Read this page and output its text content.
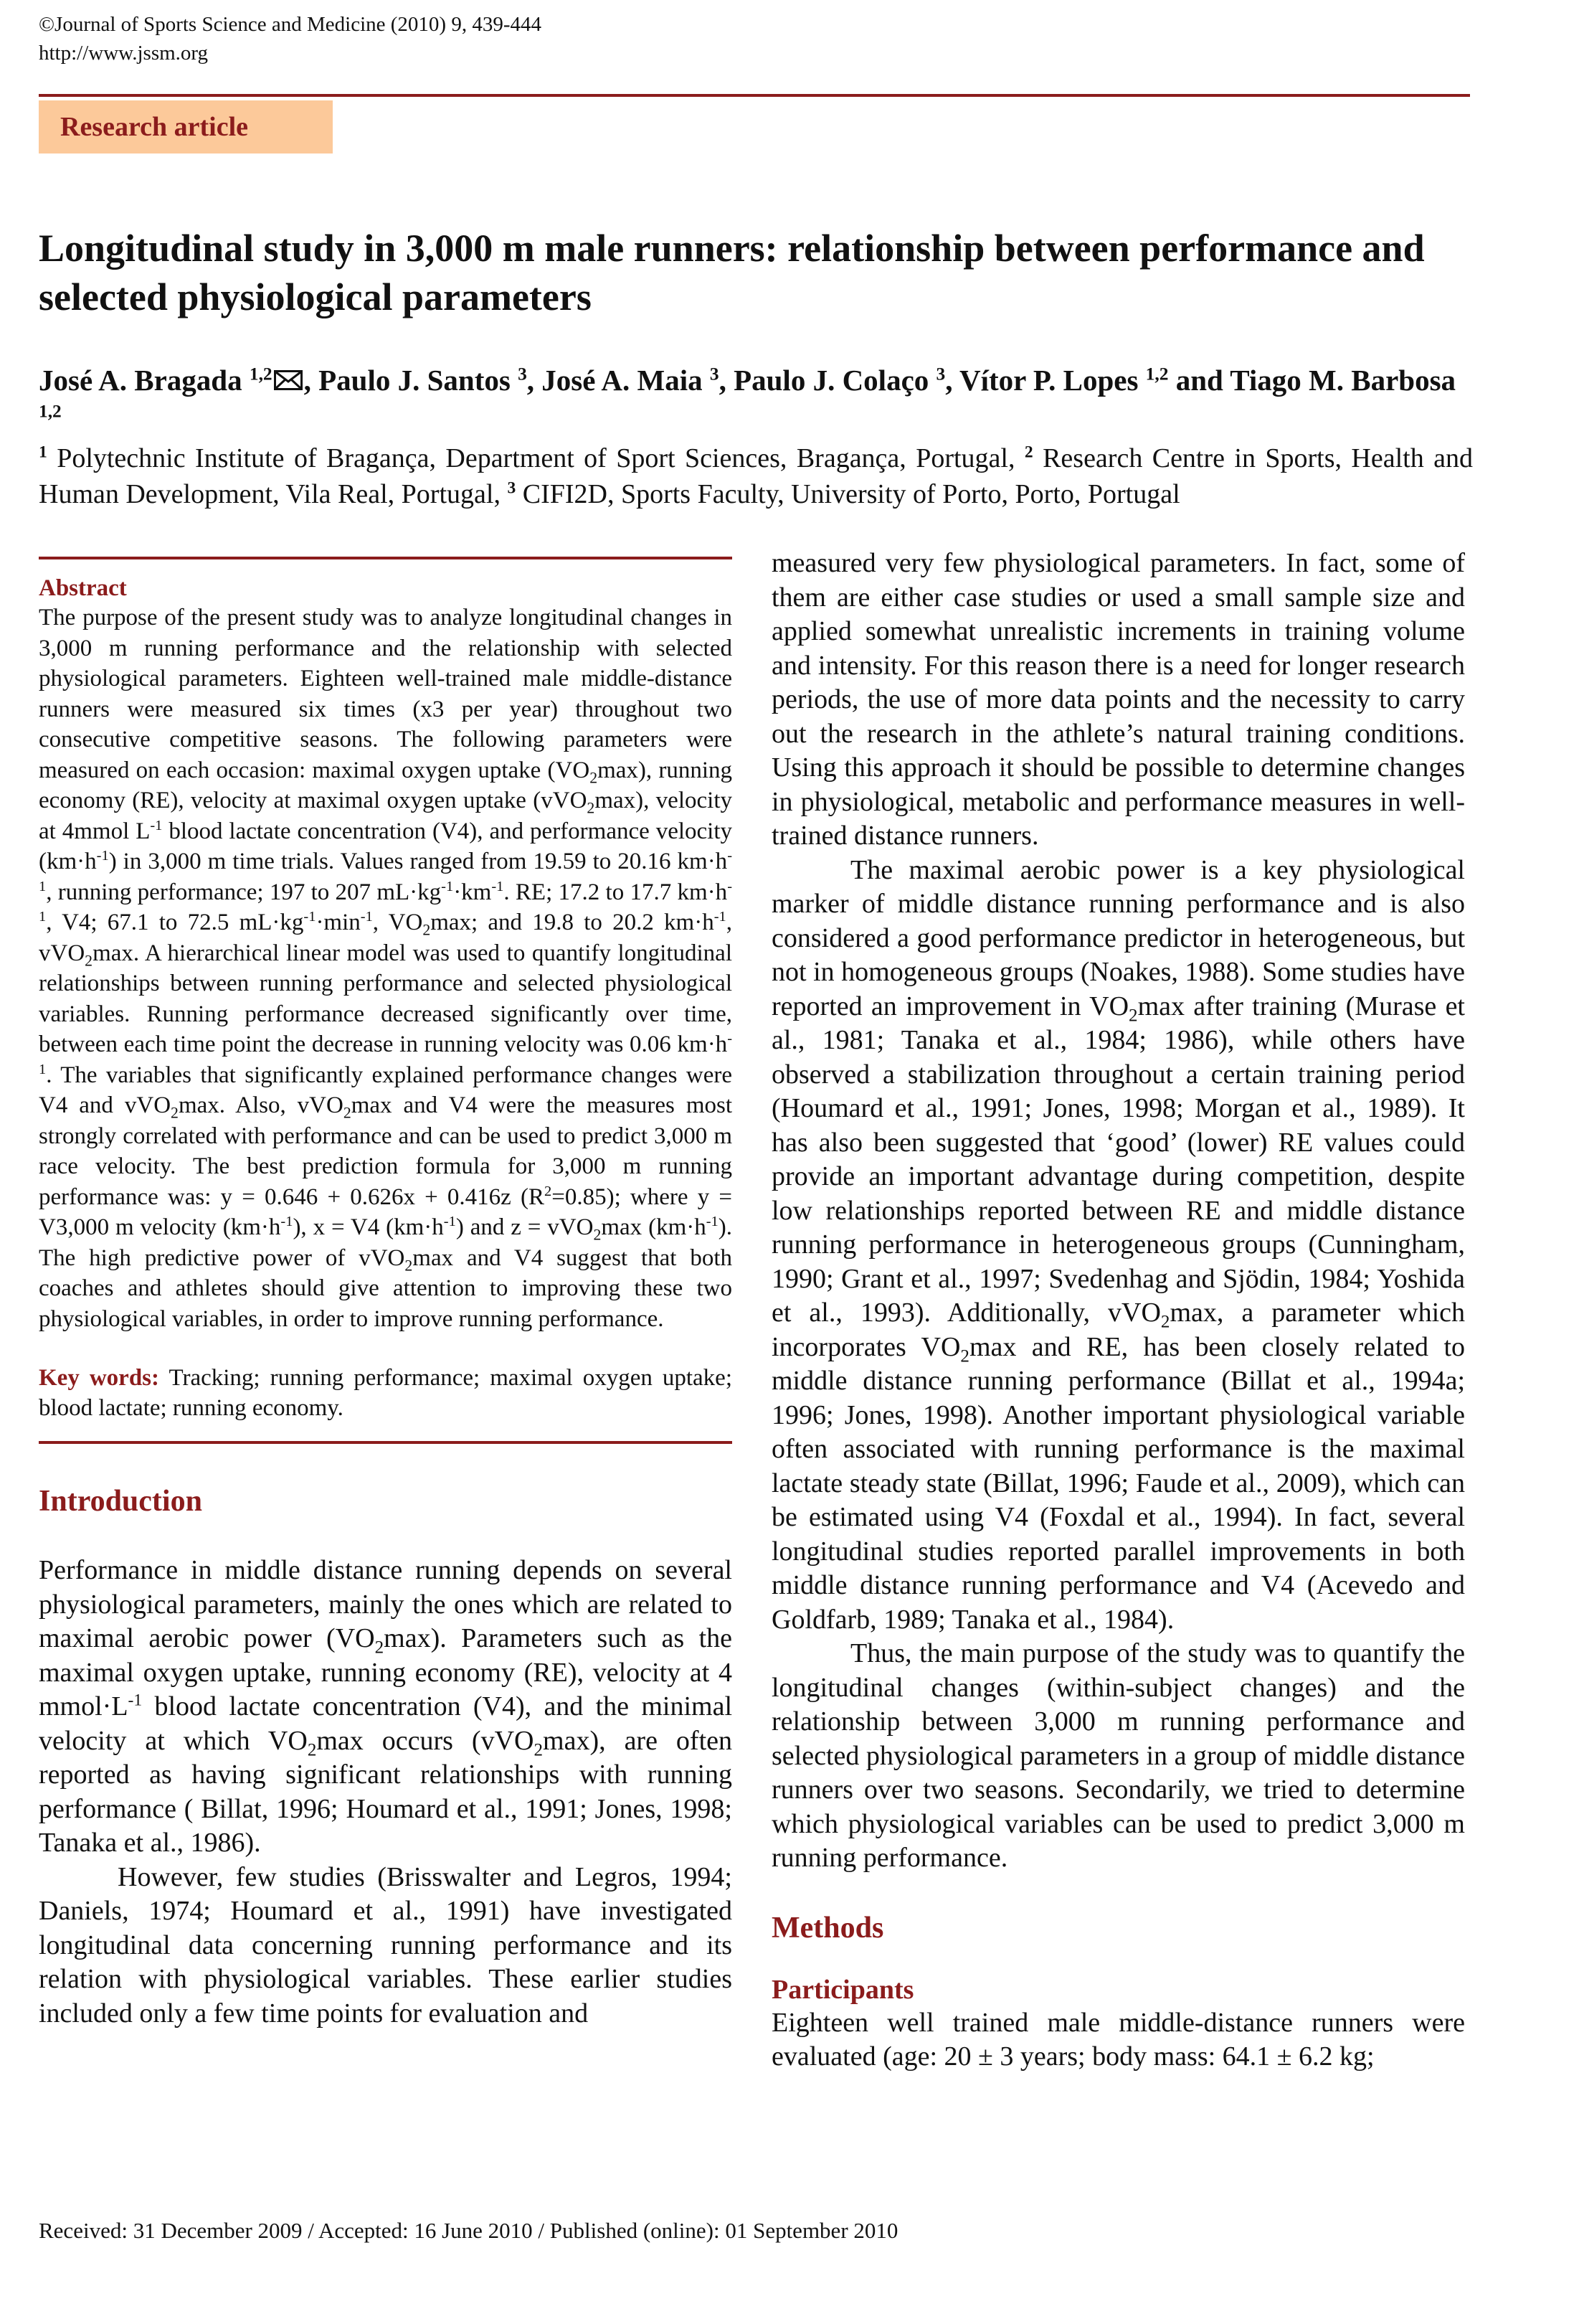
©Journal of Sports Science and Medicine (2010) 9, 439-444
http://www.jssm.org
Research article
Longitudinal study in 3,000 m male runners: relationship between performance and selected physiological parameters

José A. Bragada $^{1,2}$ , Paulo J. Santos $^3$, José A. Maia $^3$, Paulo J. Colaço $^3$, Vítor P. Lopes $^{1,2}$ and Tiago M. Barbosa $^{1,2}$

$^1$ Polytechnic Institute of Bragança, Department of Sport Sciences, Bragança, Portugal, $^2$ Research Centre in Sports, Health and Human Development, Vila Real, Portugal, $^3$ CIFI2D, Sports Faculty, University of Porto, Porto, Portugal

Abstract

The purpose of the present study was to analyze longitudinal changes in 3,000 m running performance and the relationship with selected physiological parameters. Eighteen well-trained male middle-distance runners were measured six times (x3 per year) throughout two consecutive competitive seasons. The following parameters were measured on each occasion: maximal oxygen uptake $(VO_2\max)$, running economy (RE), velocity at maximal oxygen uptake (vVO$_2$max), velocity at 4mmol $L^{-1}$ blood lactate concentration (V4), and performance velocity $(km\cdot h^{-1})$ in 3,000 m time trials. Values ranged from 19.59 to 20.16 $km\cdot h^{-1}$, running performance; 197 to 207 $mL\cdot kg^{-1}\cdot km^{-1}$. RE; 17.2 to 17.7 $km\cdot h^{-1}$, V4; 67.1 to 72.5 $mL\cdot kg^{-1}\cdot\min^{-1}$, $VO_2\max$; and 19.8 to 20.2 $km\cdot h^{-1}$, vVO$_2$max. A hierarchical linear model was used to quantify longitudinal relationships between running performance and selected physiological variables. Running performance decreased significantly over time, between each time point the decrease in running velocity was 0.06 $km\cdot h^{-1}$. The variables that significantly explained performance changes were V4 and vVO$_2$max. Also, vVO$_2$max and V4 were the measures most strongly correlated with performance and can be used to predict 3,000 m race velocity. The best prediction formula for 3,000 m running performance was: y = 0.646 + 0.626x + 0.416z $(R^2=0.85)$; where y = V3,000 m velocity $(km\cdot h^{-1})$, x = V4 $(km\cdot h^{-1})$ and z = vVO$_2$max $(km\cdot h^{-1})$. The high predictive power of vVO$_2$max and V4 suggest that both coaches and athletes should give attention to improving these two physiological variables, in order to improve running performance.

Key words: Tracking; running performance; maximal oxygen uptake; blood lactate; running economy.
Introduction

Performance in middle distance running depends on several physiological parameters, mainly the ones which are related to maximal aerobic power $(VO_2\max)$. Parameters such as the maximal oxygen uptake, running economy (RE), velocity at 4 $mmol\cdot L^{-1}$ blood lactate concentration (V4), and the minimal velocity at which $VO_2\max$ occurs (vVO$_2$max), are often reported as having significant relationships with running performance ( Billat, 1996; Houmard et al., 1991; Jones, 1998; Tanaka et al., 1986).

However, few studies (Brisswalter and Legros, 1994; Daniels, 1974; Houmard et al., 1991) have investigated longitudinal data concerning running performance and its relation with physiological variables. These earlier studies included only a few time points for evaluation and

measured very few physiological parameters. In fact, some of them are either case studies or used a small sample size and applied somewhat unrealistic increments in training volume and intensity. For this reason there is a need for longer research periods, the use of more data points and the necessity to carry out the research in the athlete’s natural training conditions. Using this approach it should be possible to determine changes in physiological, metabolic and performance measures in well-trained distance runners.

The maximal aerobic power is a key physiological marker of middle distance running performance and is also considered a good performance predictor in heterogeneous, but not in homogeneous groups (Noakes, 1988). Some studies have reported an improvement in $VO_2\max$ after training (Murase et al., 1981; Tanaka et al., 1984; 1986), while others have observed a stabilization throughout a certain training period (Houmard et al., 1991; Jones, 1998; Morgan et al., 1989). It has also been suggested that ‘good’ (lower) RE values could provide an important advantage during competition, despite low relationships reported between RE and middle distance running performance in heterogeneous groups (Cunningham, 1990; Grant et al., 1997; Svedenhag and Sjödin, 1984; Yoshida et al., 1993). Additionally, vVO$_2$max, a parameter which incorporates $VO_2\max$ and RE, has been closely related to middle distance running performance (Billat et al., 1994a; 1996; Jones, 1998). Another important physiological variable often associated with running performance is the maximal lactate steady state (Billat, 1996; Faude et al., 2009), which can be estimated using V4 (Foxdal et al., 1994). In fact, several longitudinal studies reported parallel improvements in both middle distance running performance and V4 (Acevedo and Goldfarb, 1989; Tanaka et al., 1984).

Thus, the main purpose of the study was to quantify the longitudinal changes (within-subject changes) and the relationship between 3,000 m running performance and selected physiological parameters in a group of middle distance runners over two seasons. Secondarily, we tried to determine which physiological variables can be used to predict 3,000 m running performance.

Methods
Participants

Eighteen well trained male middle-distance runners were evaluated (age: 20 ± 3 years; body mass: 64.1 ± 6.2 kg;

Received: 31 December 2009 / Accepted: 16 June 2010 / Published (online): 01 September 2010
